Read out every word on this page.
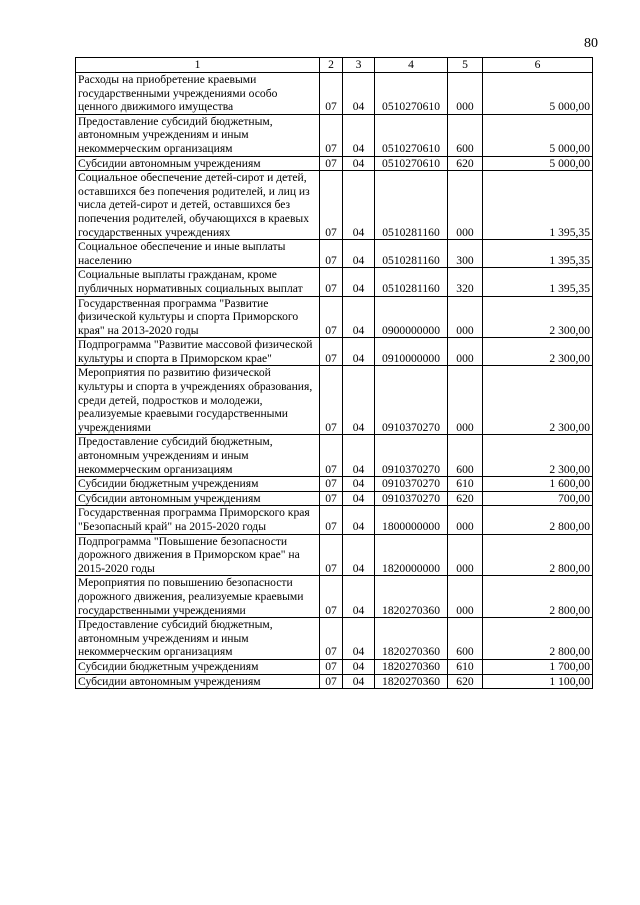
80
1	2	3	4	5	6
Расходы на приобретение краевыми государственными учреждениями особо ценного движимого имущества	07	04	0510270610	000	5 000,00
Предоставление субсидий бюджетным, автономным учреждениям и иным некоммерческим организациям	07	04	0510270610	600	5 000,00
Субсидии автономным учреждениям	07	04	0510270610	620	5 000,00
Социальное обеспечение детей-сирот и детей, оставшихся без попечения родителей, и лиц из числа детей-сирот и детей, оставшихся без попечения родителей, обучающихся в краевых государственных учреждениях	07	04	0510281160	000	1 395,35
Социальное обеспечение и иные выплаты населению	07	04	0510281160	300	1 395,35
Социальные выплаты гражданам, кроме публичных нормативных социальных выплат	07	04	0510281160	320	1 395,35
Государственная программа "Развитие физической культуры и спорта Приморского края" на 2013-2020 годы	07	04	0900000000	000	2 300,00
Подпрограмма "Развитие массовой физической культуры и спорта в Приморском крае"	07	04	0910000000	000	2 300,00
Мероприятия по развитию физической культуры и спорта в учреждениях образования, среди детей, подростков и молодежи, реализуемые краевыми государственными учреждениями	07	04	0910370270	000	2 300,00
Предоставление субсидий бюджетным, автономным учреждениям и иным некоммерческим организациям	07	04	0910370270	600	2 300,00
Субсидии бюджетным учреждениям	07	04	0910370270	610	1 600,00
Субсидии автономным учреждениям	07	04	0910370270	620	700,00
Государственная программа Приморского края "Безопасный край" на 2015-2020 годы	07	04	1800000000	000	2 800,00
Подпрограмма "Повышение безопасности дорожного движения в Приморском крае" на 2015-2020 годы	07	04	1820000000	000	2 800,00
Мероприятия по повышению безопасности дорожного движения, реализуемые краевыми государственными учреждениями	07	04	1820270360	000	2 800,00
Предоставление субсидий бюджетным, автономным учреждениям и иным некоммерческим организациям	07	04	1820270360	600	2 800,00
Субсидии бюджетным учреждениям	07	04	1820270360	610	1 700,00
Субсидии автономным учреждениям	07	04	1820270360	620	1 100,00
